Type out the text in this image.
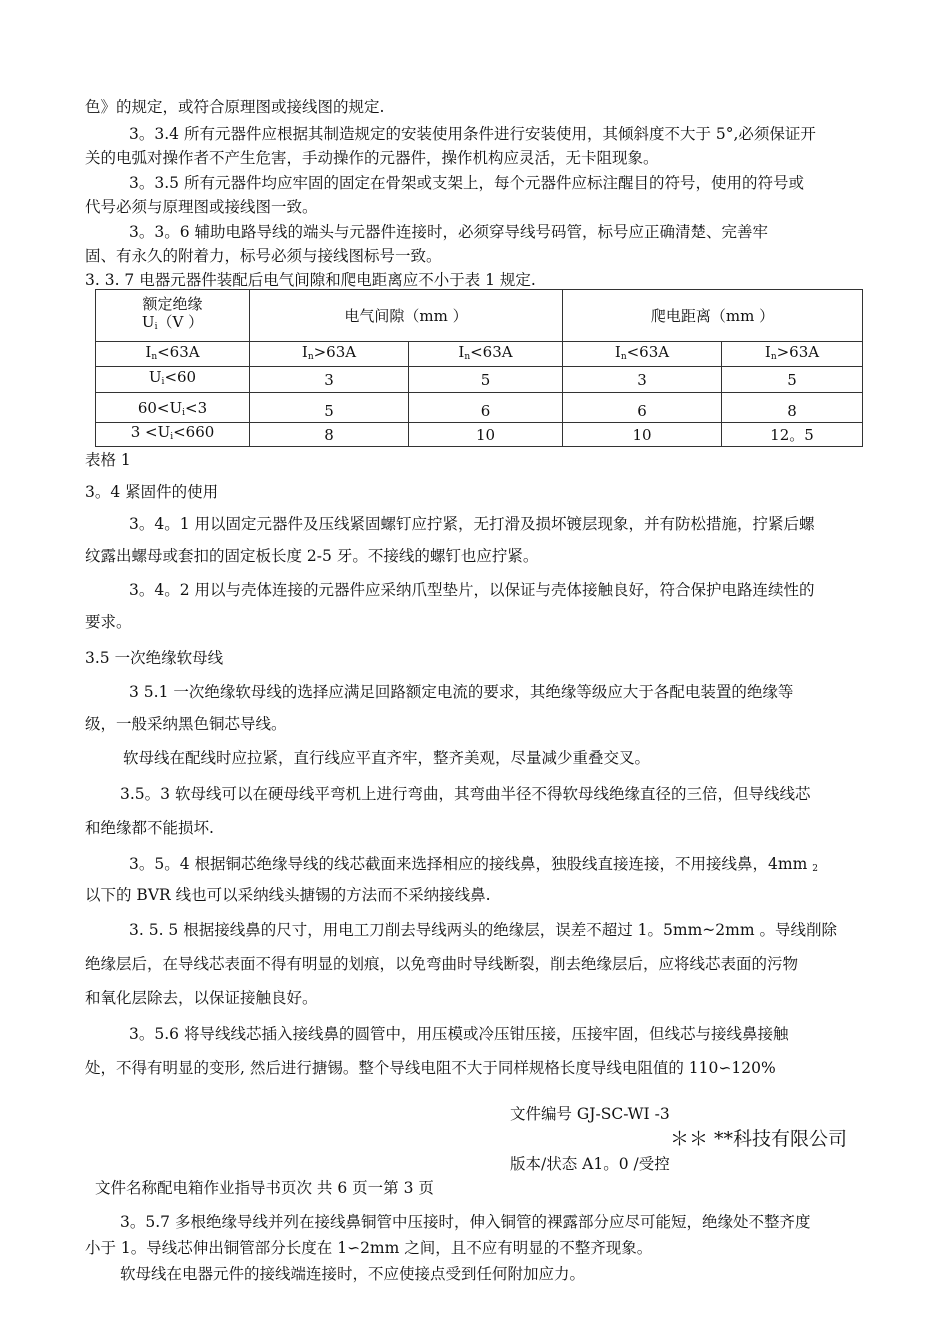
色》的规定，或符合原理图或接线图的规定.
3。3.4 所有元器件应根据其制造规定的安装使用条件进行安装使用，其倾斜度不大于 5°,必须保证开
关的电弧对操作者不产生危害，手动操作的元器件，操作机构应灵活，无卡阻现象。
3。3.5 所有元器件均应牢固的固定在骨架或支架上，每个元器件应标注醒目的符号，使用的符号或
代号必须与原理图或接线图一致。
3。3。6 辅助电路导线的端头与元器件连接时，必须穿导线号码管，标号应正确清楚、完善牢
固、有永久的附着力，标号必须与接线图标号一致。
3. 3. 7 电器元器件装配后电气间隙和爬电距离应不小于表 1 规定.
额定绝缘
$U_i(V$ ）	电气间隙（mm ）		爬电距离（mm ）	
$I_n<63A$	$I_n>63A$	$I_n<63A$	$I_n<63A$	$I_n>63A$
$U_i<60$	3	5	3	5
$60<U_i<3$	5	6	6	8
$3 <U_i<660$	8	10	10	12。5
表格 1
3。4 紧固件的使用
3。4。1 用以固定元器件及压线紧固螺钉应拧紧，无打滑及损坏镀层现象，并有防松措施，拧紧后螺
纹露出螺母或套扣的固定板长度 2-5 牙。不接线的螺钉也应拧紧。
3。4。2 用以与壳体连接的元器件应采纳爪型垫片，以保证与壳体接触良好，符合保护电路连续性的
要求。
3.5 一次绝缘软母线
3 5.1 一次绝缘软母线的选择应满足回路额定电流的要求，其绝缘等级应大于各配电装置的绝缘等
级，一般采纳黑色铜芯导线。
软母线在配线时应拉紧，直行线应平直齐牢，整齐美观，尽量减少重叠交叉。
3.5。3 软母线可以在硬母线平弯机上进行弯曲，其弯曲半径不得软母线绝缘直径的三倍，但导线线芯
和绝缘都不能损坏.
3。5。4 根据铜芯绝缘导线的线芯截面来选择相应的接线鼻，独股线直接连接，不用接线鼻，4mm $_2$
以下的 BVR 线也可以采纳线头搪锡的方法而不采纳接线鼻.
3. 5. 5 根据接线鼻的尺寸，用电工刀削去导线两头的绝缘层，误差不超过 1。5mm~2mm 。导线削除
绝缘层后，在导线芯表面不得有明显的划痕，以免弯曲时导线断裂，削去绝缘层后，应将线芯表面的污物
和氧化层除去，以保证接触良好。
3。5.6 将导线线芯插入接线鼻的圆管中，用压模或冷压钳压接，压接牢固，但线芯与接线鼻接触
处，不得有明显的变形, 然后进行搪锡。整个导线电阻不大于同样规格长度导线电阻值的 110∽120%
文件编号 GJ-SC-WI -3
＊＊ **科技有限公司
版本/状态 A1。0 /受控
文件名称配电箱作业指导书页次 共 6 页一第 3 页
3。5.7 多根绝缘导线并列在接线鼻铜管中压接时，伸入铜管的裸露部分应尽可能短，绝缘处不整齐度
小于 1。导线芯伸出铜管部分长度在 1∽2mm 之间，且不应有明显的不整齐现象。
软母线在电器元件的接线端连接时，不应使接点受到任何附加应力。
